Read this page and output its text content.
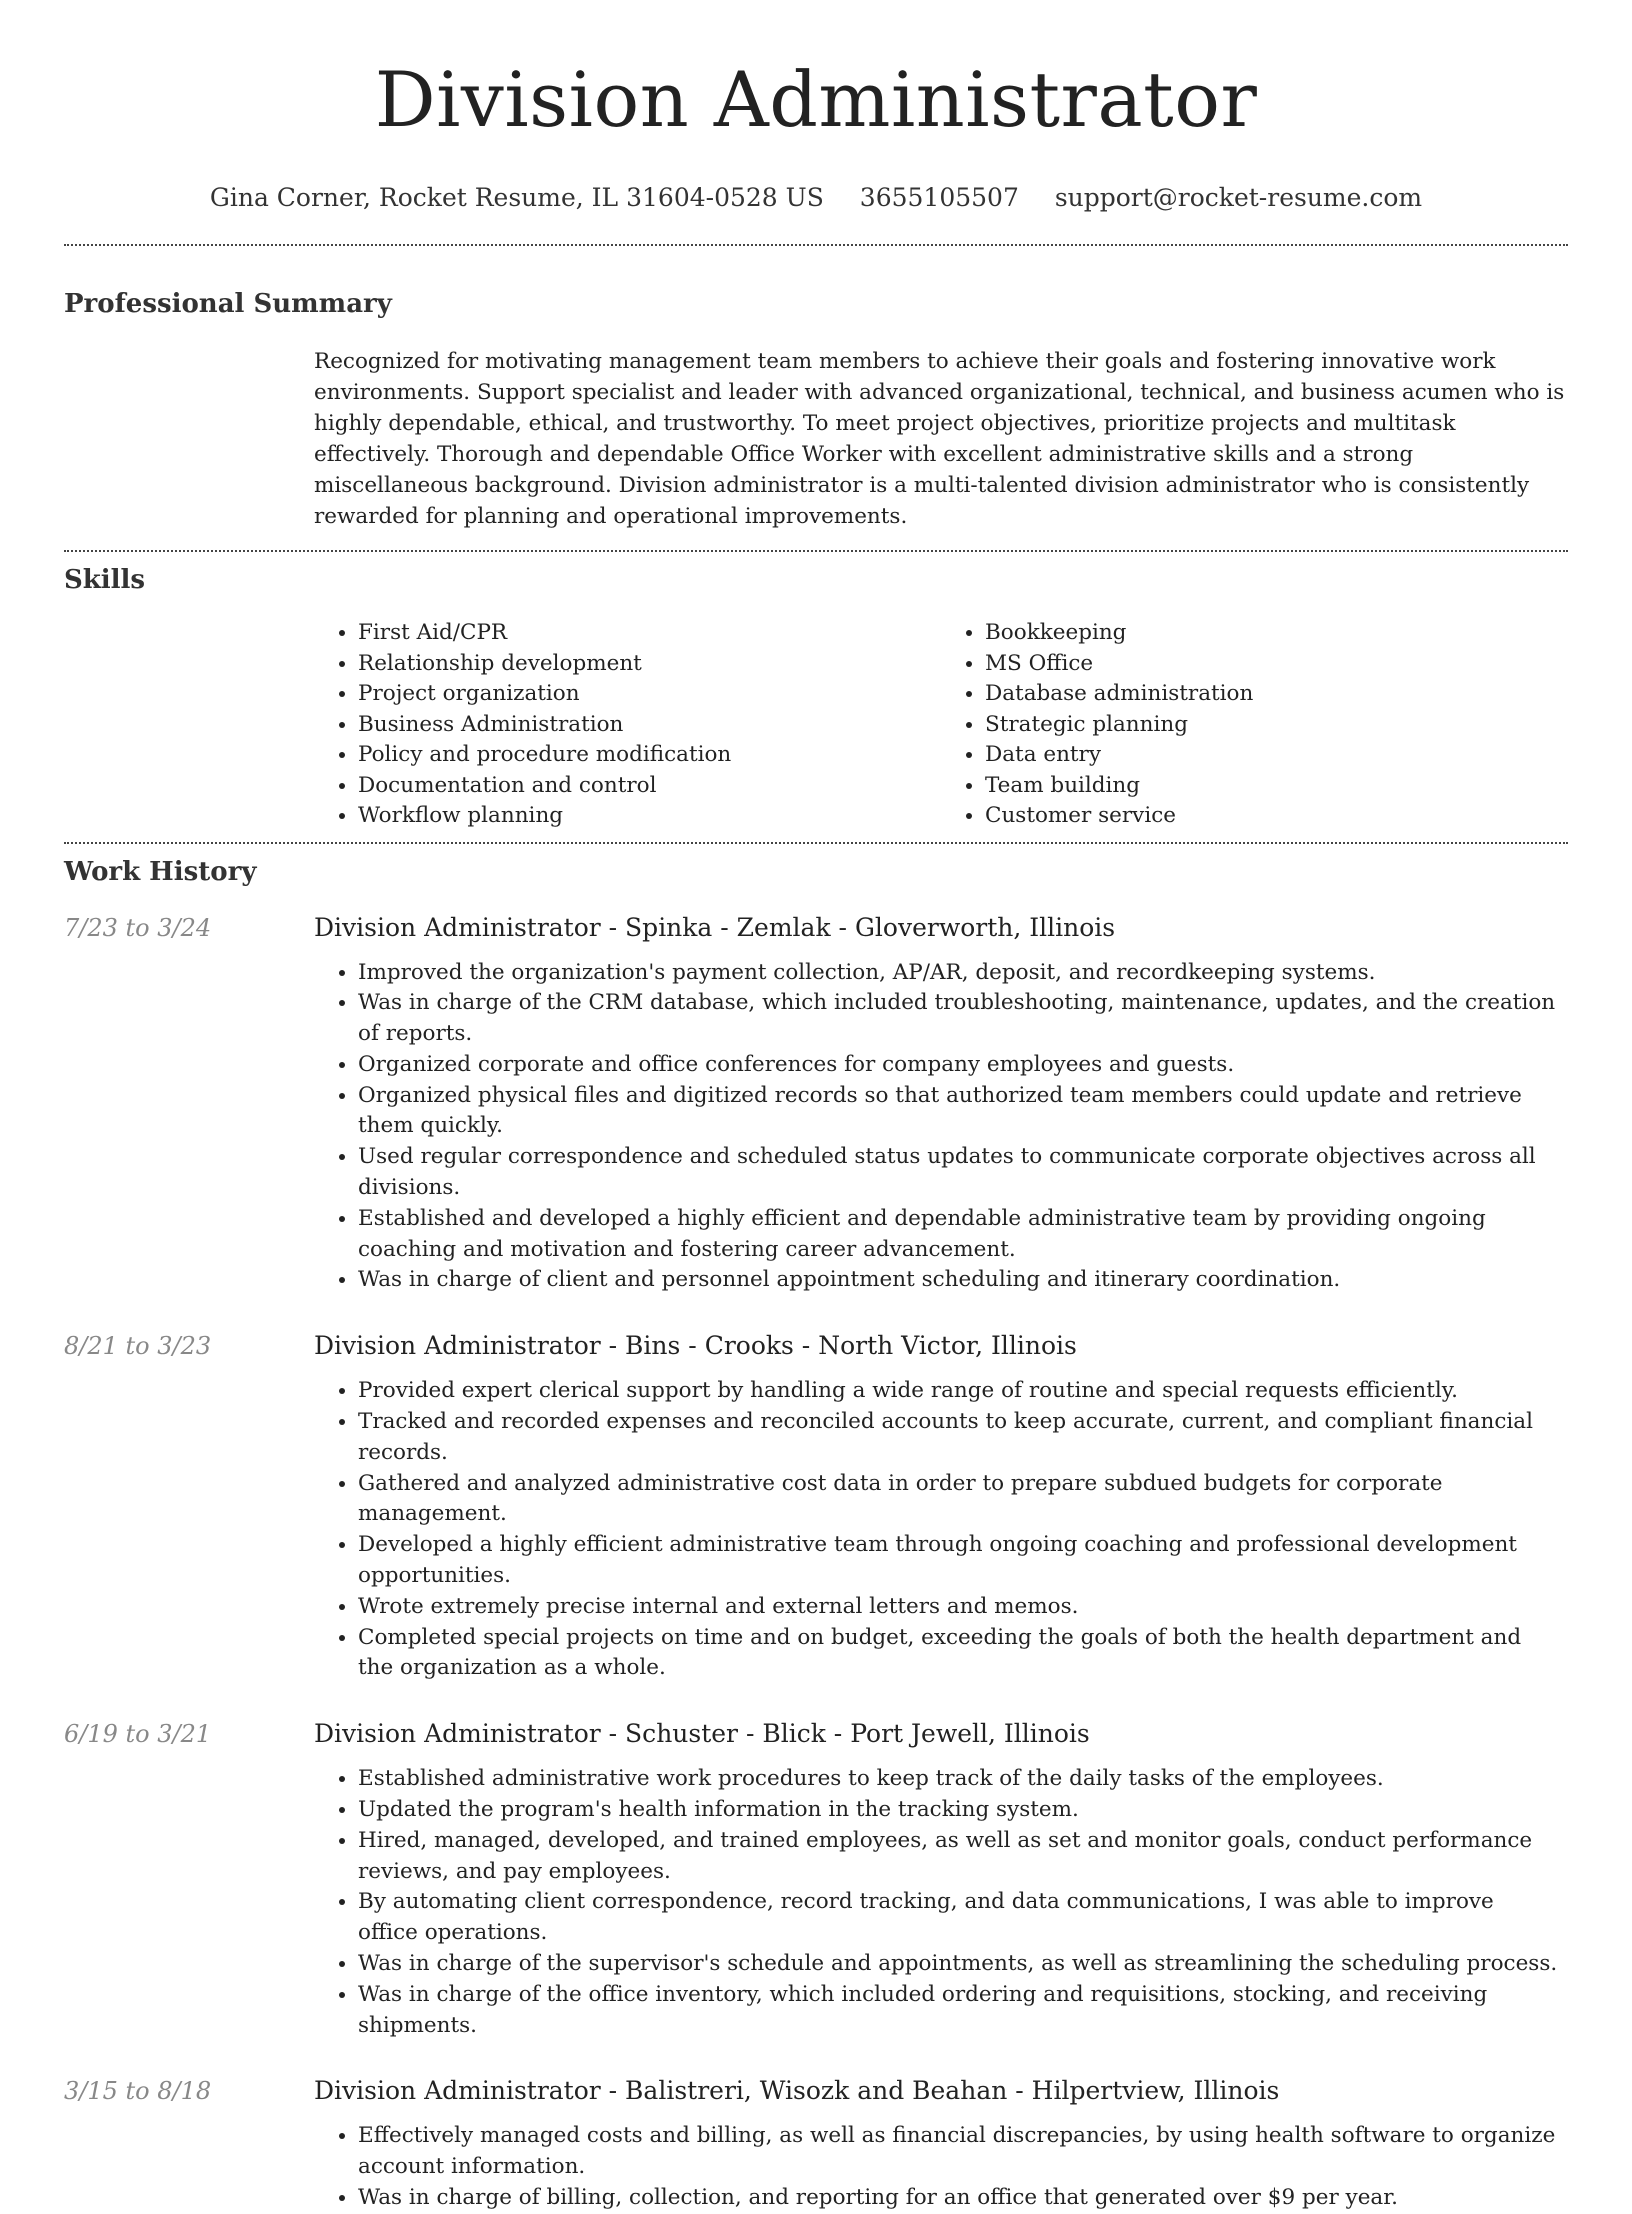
Division Administrator
Gina Corner, Rocket Resume, IL 31604-0528 US 3655105507 support@rocket-resume.com
Professional Summary
Recognized for motivating management team members to achieve their goals and fostering innovative work environments. Support specialist and leader with advanced organizational, technical, and business acumen who is highly dependable, ethical, and trustworthy. To meet project objectives, prioritize projects and multitask effectively. Thorough and dependable Office Worker with excellent administrative skills and a strong miscellaneous background. Division administrator is a multi-talented division administrator who is consistently rewarded for planning and operational improvements.
Skills
• First Aid/CPR
• Relationship development
• Project organization
• Business Administration
• Policy and procedure modification
• Documentation and control
• Workflow planning
• Bookkeeping
• MS Office
• Database administration
• Strategic planning
• Data entry
• Team building
• Customer service
Work History
7/23 to 3/24	Division Administrator - Spinka - Zemlak - Gloverworth, Illinois
• Improved the organization's payment collection, AP/AR, deposit, and recordkeeping systems.
• Was in charge of the CRM database, which included troubleshooting, maintenance, updates, and the creation of reports.
• Organized corporate and office conferences for company employees and guests.
• Organized physical files and digitized records so that authorized team members could update and retrieve them quickly.
• Used regular correspondence and scheduled status updates to communicate corporate objectives across all divisions.
• Established and developed a highly efficient and dependable administrative team by providing ongoing coaching and motivation and fostering career advancement.
• Was in charge of client and personnel appointment scheduling and itinerary coordination.
8/21 to 3/23	Division Administrator - Bins - Crooks - North Victor, Illinois
• Provided expert clerical support by handling a wide range of routine and special requests efficiently.
• Tracked and recorded expenses and reconciled accounts to keep accurate, current, and compliant financial records.
• Gathered and analyzed administrative cost data in order to prepare subdued budgets for corporate management.
• Developed a highly efficient administrative team through ongoing coaching and professional development opportunities.
• Wrote extremely precise internal and external letters and memos.
• Completed special projects on time and on budget, exceeding the goals of both the health department and the organization as a whole.
6/19 to 3/21	Division Administrator - Schuster - Blick - Port Jewell, Illinois
• Established administrative work procedures to keep track of the daily tasks of the employees.
• Updated the program's health information in the tracking system.
• Hired, managed, developed, and trained employees, as well as set and monitor goals, conduct performance reviews, and pay employees.
• By automating client correspondence, record tracking, and data communications, I was able to improve office operations.
• Was in charge of the supervisor's schedule and appointments, as well as streamlining the scheduling process.
• Was in charge of the office inventory, which included ordering and requisitions, stocking, and receiving shipments.
3/15 to 8/18	Division Administrator - Balistreri, Wisozk and Beahan - Hilpertview, Illinois
• Effectively managed costs and billing, as well as financial discrepancies, by using health software to organize account information.
• Was in charge of billing, collection, and reporting for an office that generated over $9 per year.
